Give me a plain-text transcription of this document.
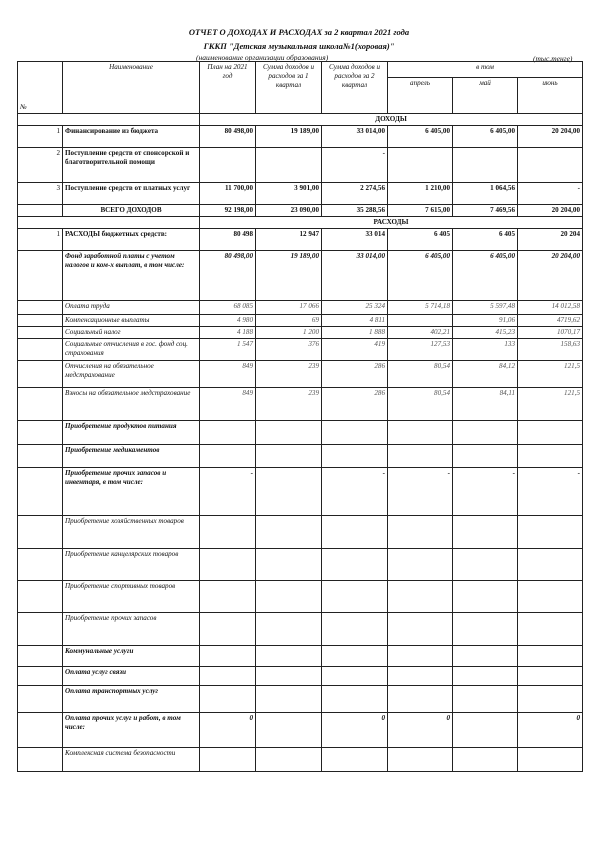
ОТЧЕТ О ДОХОДАХ И РАСХОДАХ за 2 квартал 2021 года
ГККП "Детская музыкальная школа№1(хоровая)"
(наименование организации образования)	(тыс.тенге)
№	Наименование	План на 2021 год	Сумма доходов и расходов за 1 квартал	Сумма доходов и расходов за 2 квартал	в том		
					апрель	май	июнь
		ДОХОДЫ					
1	Финансирование из бюджета	80 498,00	19 189,00	33 014,00	6 405,00	6 405,00	20 204,00
2	Поступление средств от спонсорской и благотворительной помощи			-			
3	Поступление средств от платных услуг	11 700,00	3 901,00	2 274,56	1 210,00	1 064,56	-
	ВСЕГО ДОХОДОВ	92 198,00	23 090,00	35 288,56	7 615,00	7 469,56	20 204,00
		РАСХОДЫ					
1	РАСХОДЫ бюджетных средств:	80 498	12 947	33 014	6 405	6 405	20 204
	Фонд заработной платы с учетом налогов и ком-х выплат, в том числе:	80 498,00	19 189,00	33 014,00	6 405,00	6 405,00	20 204,00
	Оплата труда	68 085	17 066	25 324	5 714,18	5 597,48	14 012,58
	Компенсационные выплаты	4 980	69	4 811		91,06	4719,62
	Социальный налог	4 188	1 200	1 888	402,21	415,23	1070,17
	Социальные отчисления в гос. фонд соц. страхования	1 547	376	419	127,53	133	158,63
	Отчисления на обязательное медстрахование	849	239	286	80,54	84,12	121,5
	Взносы на обязательное медстрахование	849	239	286	80,54	84,11	121,5
	Приобретение продуктов питания						
	Приобретение медикаментов						
	Приобретение прочих запасов и инвентаря, в том числе:	-		-	-	-	-
	Приобретение хозяйственных товаров						
	Приобретение канцелярских товаров						
	Приобретение спортивных товаров						
	Приобретение прочих запасов						
	Коммунальные услуги						
	Оплата услуг связи						
	Оплата транспортных услуг						
	Оплата прочих услуг и работ, в том числе:	0		0	0		0
	Комплексная система безопасности						
